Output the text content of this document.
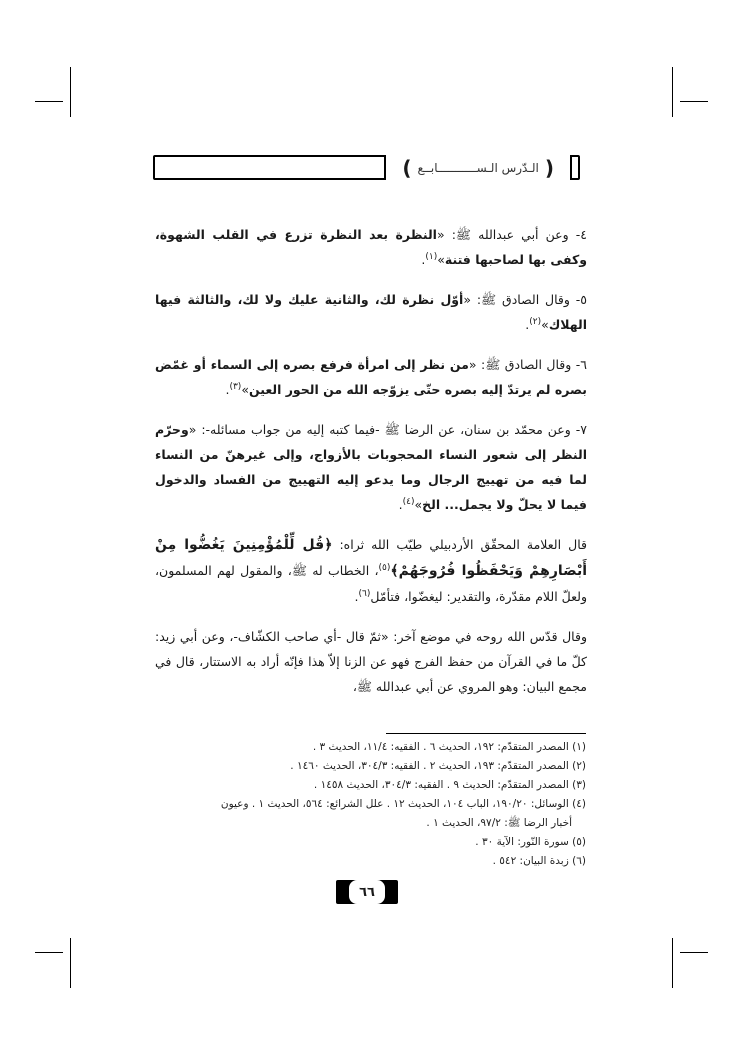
( الـدّرس الـســـــــــــابــع )

٤- وعن أبي عبدالله ﷺ: «النظرة بعد النظرة تزرع في القلب الشهوة، وكفى بها لصاحبها فتنة»$^{(١)}$.

٥- وقال الصادق ﷺ: «أوّل نظرة لك، والثانية عليك ولا لك، والثالثة فيها الهلاك»$^{(٢)}$.

٦- وقال الصادق ﷺ: «من نظر إلى امرأة فرفع بصره إلى السماء أو غمّض بصره لم يرتدّ إليه بصره حتّى يزوّجه الله من الحور العين»$^{(٣)}$.

٧- وعن محمّد بن سنان، عن الرضا ﷺ -فيما كتبه إليه من جواب مسائله-: «وحرّم النظر إلى شعور النساء المحجوبات بالأزواج، وإلى غيرهنّ من النساء لما فيه من تهييج الرجال وما يدعو إليه التهييج من الفساد والدخول فيما لا يحلّ ولا يجمل... الخ»$^{(٤)}$.

قال العلامة المحقّق الأردبيلي طيّب الله ثراه: ﴿قُل لِّلْمُؤْمِنِينَ يَغُضُّوا مِنْ أَبْصَارِهِمْ وَيَحْفَظُوا فُرُوجَهُمْ﴾$^{(٥)}$، الخطاب له ﷺ، والمقول لهم المسلمون، ولعلّ اللام مقدّرة، والتقدير: ليغضّوا، فتأمّل$^{(٦)}$.

وقال قدّس الله روحه في موضع آخر: «ثمّ قال -أي صاحب الكشّاف-، وعن أبي زيد: كلّ ما في القرآن من حفظ الفرج فهو عن الزنا إلاّ هذا فإنّه أراد به الاستتار، قال في مجمع البيان: وهو المروي عن أبي عبدالله ﷺ،

(١) المصدر المتقدّم: ١٩٢، الحديث ٦ . الفقيه: ١١/٤، الحديث ٣ .

(٢) المصدر المتقدّم: ١٩٣، الحديث ٢ . الفقيه: ٣٠٤/٣، الحديث ١٤٦٠ .

(٣) المصدر المتقدّم: الحديث ٩ . الفقيه: ٣٠٤/٣، الحديث ١٤٥٨ .

(٤) الوسائل: ١٩٠/٢٠، الباب ١٠٤، الحديث ١٢ . علل الشرائع: ٥٦٤، الحديث ١ . وعيون

أخبار الرضا ﷺ: ٩٧/٢، الحديث ١ .

(٥) سورة النّور: الآية ٣٠ .

(٦) زبدة البيان: ٥٤٢ .

٦٦
